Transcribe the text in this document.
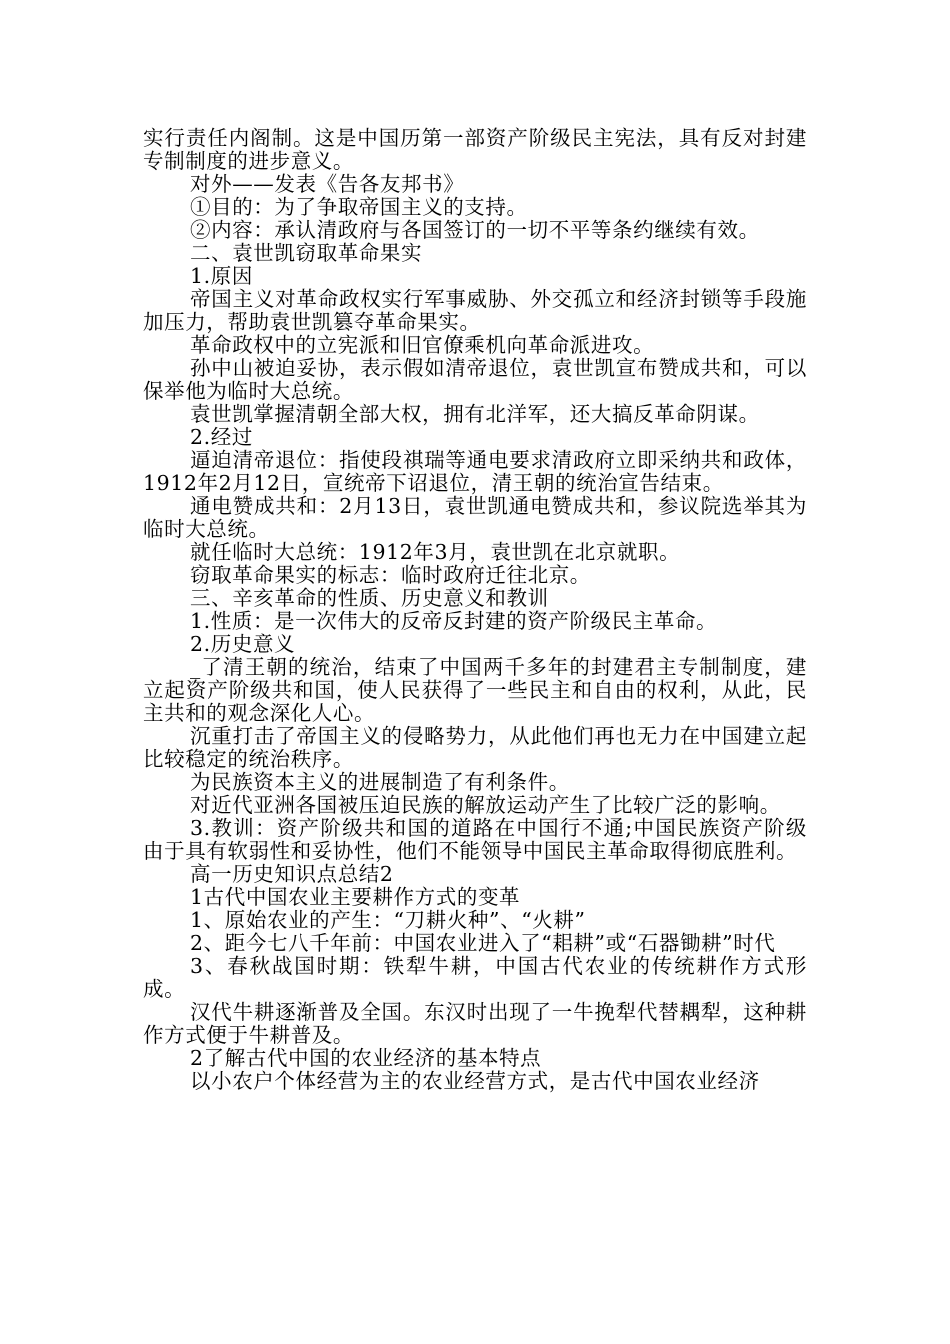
实行责任内阁制。这是中国历第一部资产阶级民主宪法，具有反对封建专制制度的进步意义。

对外——发表《告各友邦书》

①目的：为了争取帝国主义的支持。

②内容：承认清政府与各国签订的一切不平等条约继续有效。

二、袁世凯窃取革命果实

1.原因

帝国主义对革命政权实行军事威胁、外交孤立和经济封锁等手段施加压力，帮助袁世凯篡夺革命果实。

革命政权中的立宪派和旧官僚乘机向革命派进攻。

孙中山被迫妥协，表示假如清帝退位，袁世凯宣布赞成共和，可以保举他为临时大总统。

袁世凯掌握清朝全部大权，拥有北洋军，还大搞反革命阴谋。

2.经过

逼迫清帝退位：指使段祺瑞等通电要求清政府立即采纳共和政体，1912年2月12日，宣统帝下诏退位，清王朝的统治宣告结束。

通电赞成共和：2月13日，袁世凯通电赞成共和，参议院选举其为临时大总统。

就任临时大总统：1912年3月，袁世凯在北京就职。

窃取革命果实的标志：临时政府迁往北京。

三、辛亥革命的性质、历史意义和教训

1.性质：是一次伟大的反帝反封建的资产阶级民主革命。

2.历史意义

_了清王朝的统治，结束了中国两千多年的封建君主专制制度，建立起资产阶级共和国，使人民获得了一些民主和自由的权利，从此，民主共和的观念深化人心。

沉重打击了帝国主义的侵略势力，从此他们再也无力在中国建立起比较稳定的统治秩序。

为民族资本主义的进展制造了有利条件。

对近代亚洲各国被压迫民族的解放运动产生了比较广泛的影响。

3.教训：资产阶级共和国的道路在中国行不通;中国民族资产阶级由于具有软弱性和妥协性，他们不能领导中国民主革命取得彻底胜利。

高一历史知识点总结2

1古代中国农业主要耕作方式的变革

1、原始农业的产生：“刀耕火种”、“火耕”

2、距今七八千年前：中国农业进入了“耜耕”或“石器锄耕”时代

3、春秋战国时期：铁犁牛耕，中国古代农业的传统耕作方式形成。

汉代牛耕逐渐普及全国。东汉时出现了一牛挽犁代替耦犁，这种耕作方式便于牛耕普及。

2了解古代中国的农业经济的基本特点

以小农户个体经营为主的农业经营方式，是古代中国农业经济
